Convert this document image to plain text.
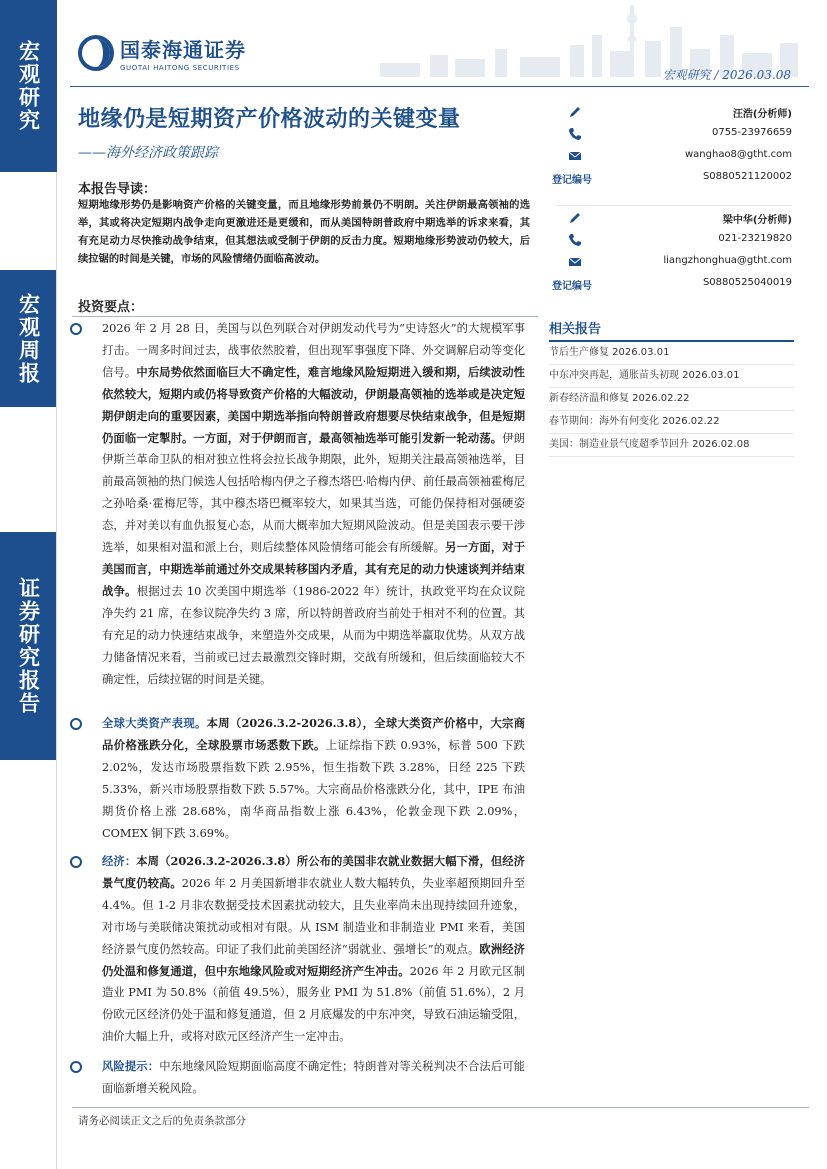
宏观研究
宏观周报
证券研究报告
国泰海通证券
GUOTAI HAITONG SECURITIES	宏观研究 / 2026.03.08
地缘仍是短期资产价格波动的关键变量
——海外经济政策跟踪
汪浩(分析师)
0755-23976659
wanghao8@gtht.com
登记编号	S0880521120002
梁中华(分析师)
021-23219820
liangzhonghua@gtht.com
登记编号	S0880525040019
相关报告
节后生产修复 2026.03.01
中东冲突再起，通胀苗头初现 2026.03.01
新春经济温和修复 2026.02.22
春节期间：海外有何变化 2026.02.22
美国：制造业景气度超季节回升 2026.02.08
本报告导读：
短期地缘形势仍是影响资产价格的关键变量，而且地缘形势前景仍不明朗。关注伊朗最高领袖的选举，其或将决定短期内战争走向更激进还是更缓和，而从美国特朗普政府中期选举的诉求来看，其有充足动力尽快推动战争结束，但其想法或受制于伊朗的反击力度。短期地缘形势波动仍较大，后续拉锯的时间是关键，市场的风险情绪仍面临高波动。
投资要点：
2026 年 2 月 28 日，美国与以色列联合对伊朗发动代号为“史诗怒火”的大规模军事打击。一周多时间过去，战事依然胶着，但出现军事强度下降、外交调解启动等变化信号。中东局势依然面临巨大不确定性，难言地缘风险短期进入缓和期，后续波动性依然较大，短期内或仍将导致资产价格的大幅波动，伊朗最高领袖的选举或是决定短期伊朗走向的重要因素，美国中期选举指向特朗普政府想要尽快结束战争，但是短期仍面临一定掣肘。一方面，对于伊朗而言，最高领袖选举可能引发新一轮动荡。伊朗伊斯兰革命卫队的相对独立性将会拉长战争期限，此外，短期关注最高领袖选举，目前最高领袖的热门候选人包括哈梅内伊之子穆杰塔巴·哈梅内伊、前任最高领袖霍梅尼之孙哈桑·霍梅尼等，其中穆杰塔巴概率较大，如果其当选，可能仍保持相对强硬姿态，并对美以有血仇报复心态，从而大概率加大短期风险波动。但是美国表示要干涉选举，如果相对温和派上台，则后续整体风险情绪可能会有所缓解。另一方面，对于美国而言，中期选举前通过外交成果转移国内矛盾，其有充足的动力快速谈判并结束战争。根据过去 10 次美国中期选举（1986-2022 年）统计，执政党平均在众议院净失约 21 席，在参议院净失约 3 席，所以特朗普政府当前处于相对不利的位置。其有充足的动力快速结束战争，来塑造外交成果，从而为中期选举赢取优势。从双方战力储备情况来看，当前或已过去最激烈交锋时期，交战有所缓和，但后续面临较大不确定性，后续拉锯的时间是关键。
全球大类资产表现。本周（2026.3.2-2026.3.8），全球大类资产价格中，大宗商品价格涨跌分化，全球股票市场悉数下跌。上证综指下跌 0.93%，标普 500 下跌 2.02%，发达市场股票指数下跌 2.95%，恒生指数下跌 3.28%，日经 225 下跌 5.33%，新兴市场股票指数下跌 5.57%。大宗商品价格涨跌分化，其中，IPE 布油期货价格上涨 28.68%，南华商品指数上涨 6.43%，伦敦金现下跌 2.09%，COMEX 铜下跌 3.69%。
经济：本周（2026.3.2-2026.3.8）所公布的美国非农就业数据大幅下滑，但经济景气度仍较高。2026 年 2 月美国新增非农就业人数大幅转负，失业率超预期回升至 4.4%。但 1-2 月非农数据受技术因素扰动较大，且失业率尚未出现持续回升迹象，对市场与美联储决策扰动或相对有限。从 ISM 制造业和非制造业 PMI 来看，美国经济景气度仍然较高。印证了我们此前美国经济“弱就业、强增长”的观点。欧洲经济仍处温和修复通道，但中东地缘风险或对短期经济产生冲击。2026 年 2 月欧元区制造业 PMI 为 50.8%（前值 49.5%），服务业 PMI 为 51.8%（前值 51.6%），2 月份欧元区经济仍处于温和修复通道，但 2 月底爆发的中东冲突，导致石油运输受阻，油价大幅上升，或将对欧元区经济产生一定冲击。
风险提示：中东地缘风险短期面临高度不确定性；特朗普对等关税判决不合法后可能面临新增关税风险。
请务必阅读正文之后的免责条款部分
